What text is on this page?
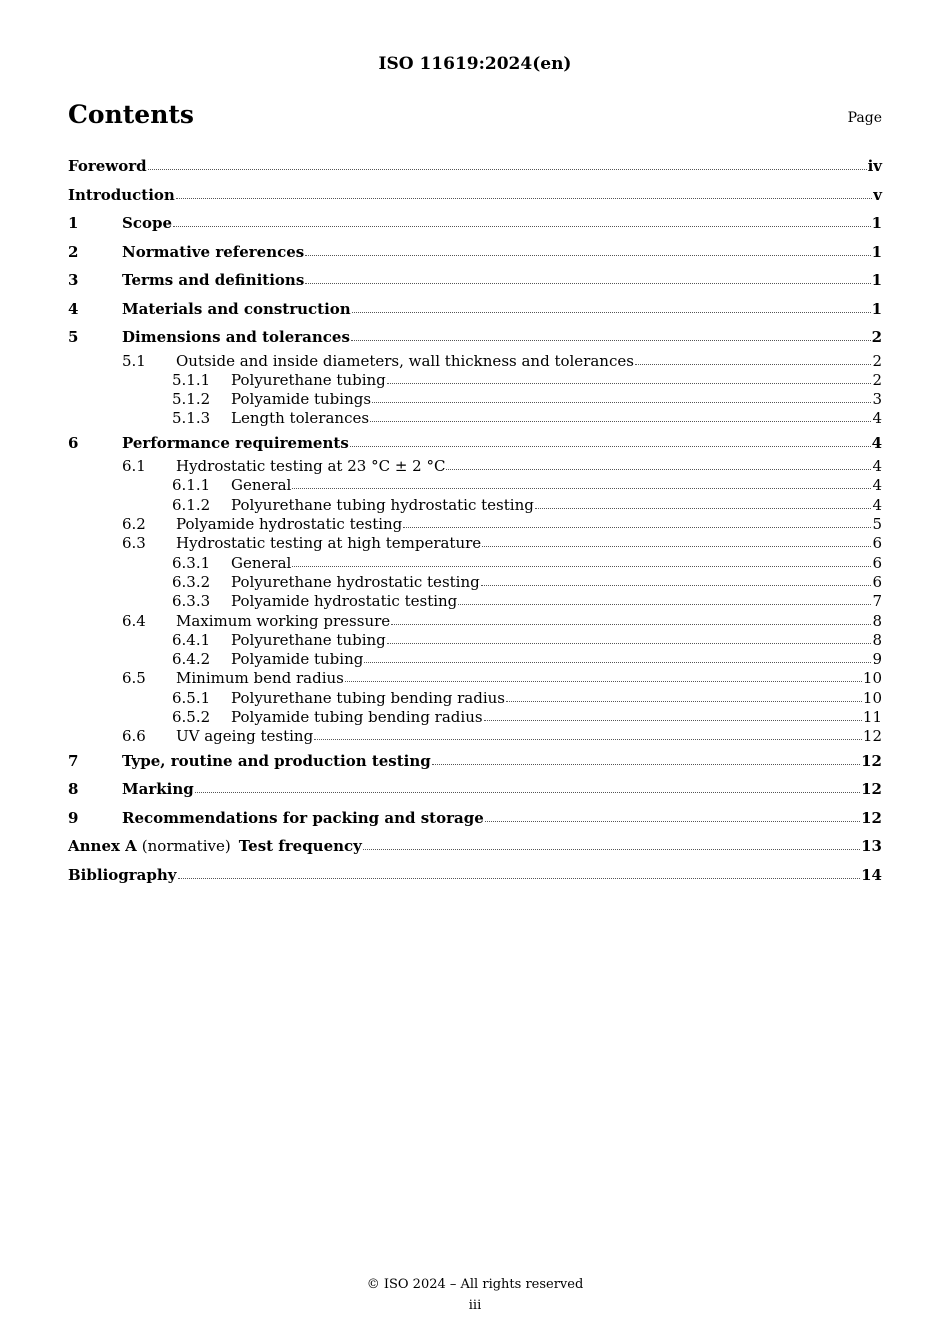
ISO 11619:2024(en)
Contents	Page
Foreword	iv
Introduction	v
1	Scope	1
2	Normative references	1
3	Terms and definitions	1
4	Materials and construction	1
5	Dimensions and tolerances	2
5.1	Outside and inside diameters, wall thickness and tolerances	2
5.1.1	Polyurethane tubing	2
5.1.2	Polyamide tubings	3
5.1.3	Length tolerances	4
6	Performance requirements	4
6.1	Hydrostatic testing at 23 °C ± 2 °C	4
6.1.1	General	4
6.1.2	Polyurethane tubing hydrostatic testing	4
6.2	Polyamide hydrostatic testing	5
6.3	Hydrostatic testing at high temperature	6
6.3.1	General	6
6.3.2	Polyurethane hydrostatic testing	6
6.3.3	Polyamide hydrostatic testing	7
6.4	Maximum working pressure	8
6.4.1	Polyurethane tubing	8
6.4.2	Polyamide tubing	9
6.5	Minimum bend radius	10
6.5.1	Polyurethane tubing bending radius	10
6.5.2	Polyamide tubing bending radius	11
6.6	UV ageing testing	12
7	Type, routine and production testing	12
8	Marking	12
9	Recommendations for packing and storage	12
Annex A (normative) Test frequency	13
Bibliography	14
© ISO 2024 – All rights reserved
iii
